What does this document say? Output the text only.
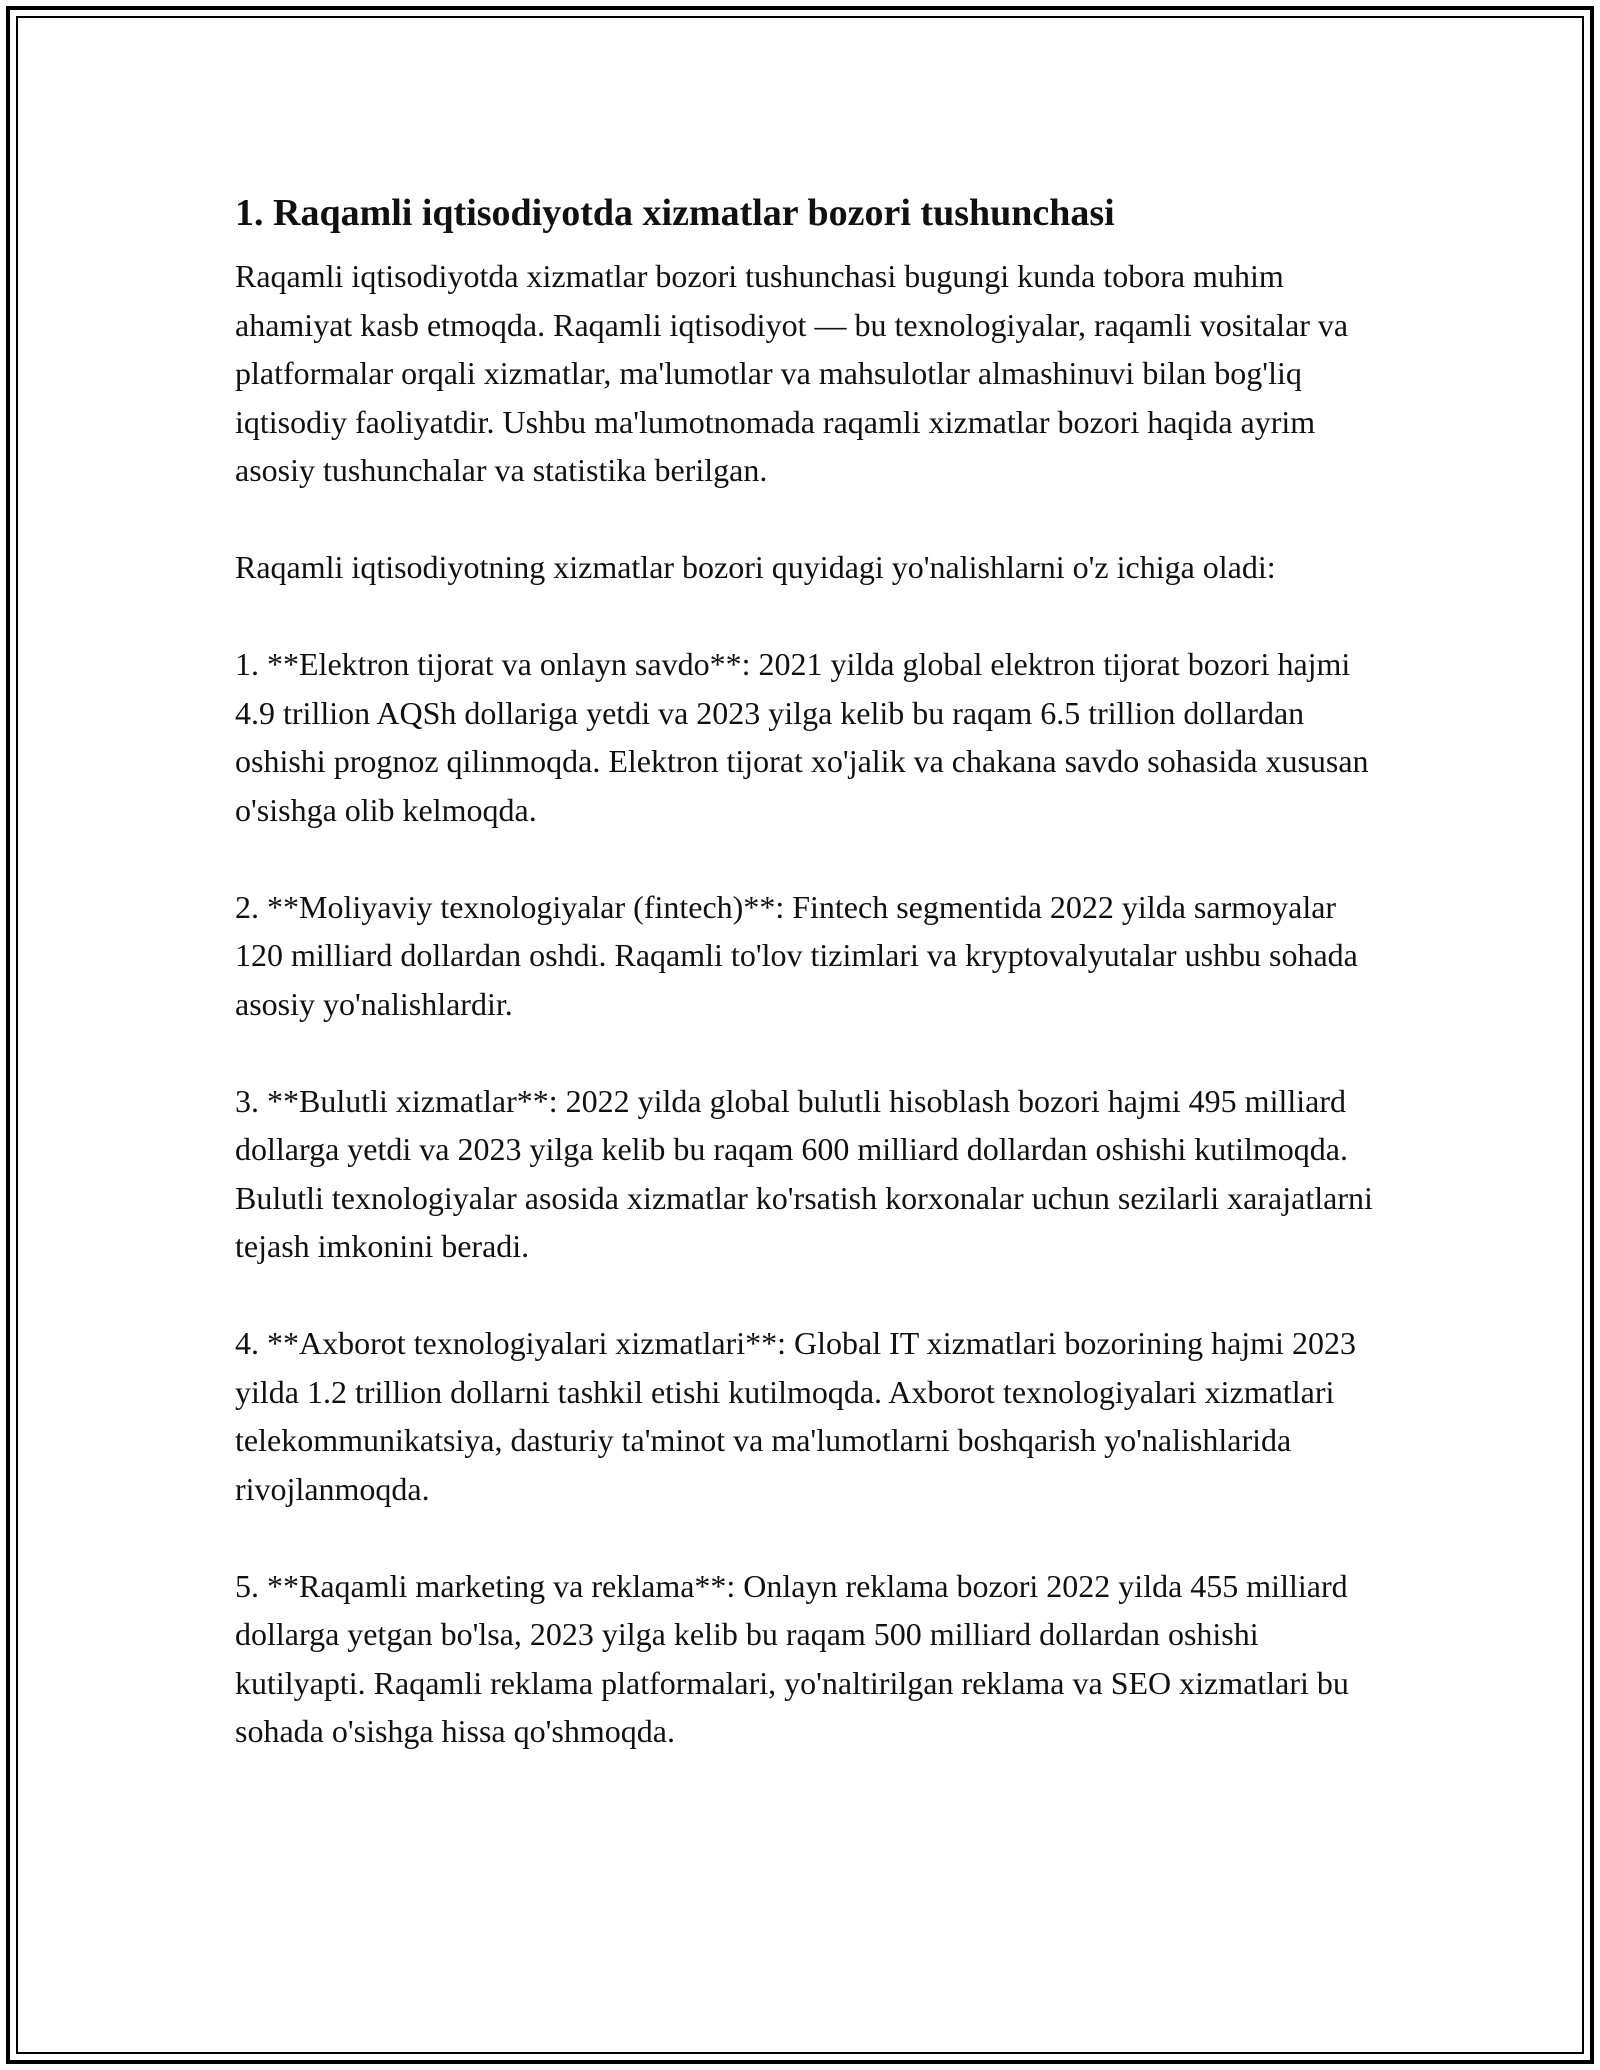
1. Raqamli iqtisodiyotda xizmatlar bozori tushunchasi

Raqamli iqtisodiyotda xizmatlar bozori tushunchasi bugungi kunda tobora muhim ahamiyat kasb etmoqda. Raqamli iqtisodiyot — bu texnologiyalar, raqamli vositalar va platformalar orqali xizmatlar, ma'lumotlar va mahsulotlar almashinuvi bilan bog'liq iqtisodiy faoliyatdir. Ushbu ma'lumotnomada raqamli xizmatlar bozori haqida ayrim asosiy tushunchalar va statistika berilgan.

Raqamli iqtisodiyotning xizmatlar bozori quyidagi yo'nalishlarni o'z ichiga oladi:

1. **Elektron tijorat va onlayn savdo**: 2021 yilda global elektron tijorat bozori hajmi 4.9 trillion AQSh dollariga yetdi va 2023 yilga kelib bu raqam 6.5 trillion dollardan oshishi prognoz qilinmoqda. Elektron tijorat xo'jalik va chakana savdo sohasida xususan o'sishga olib kelmoqda.

2. **Moliyaviy texnologiyalar (fintech)**: Fintech segmentida 2022 yilda sarmoyalar 120 milliard dollardan oshdi. Raqamli to'lov tizimlari va kryptovalyutalar ushbu sohada asosiy yo'nalishlardir.

3. **Bulutli xizmatlar**: 2022 yilda global bulutli hisoblash bozori hajmi 495 milliard dollarga yetdi va 2023 yilga kelib bu raqam 600 milliard dollardan oshishi kutilmoqda. Bulutli texnologiyalar asosida xizmatlar ko'rsatish korxonalar uchun sezilarli xarajatlarni tejash imkonini beradi.

4. **Axborot texnologiyalari xizmatlari**: Global IT xizmatlari bozorining hajmi 2023 yilda 1.2 trillion dollarni tashkil etishi kutilmoqda. Axborot texnologiyalari xizmatlari telekommunikatsiya, dasturiy ta'minot va ma'lumotlarni boshqarish yo'nalishlarida rivojlanmoqda.

5. **Raqamli marketing va reklama**: Onlayn reklama bozori 2022 yilda 455 milliard dollarga yetgan bo'lsa, 2023 yilga kelib bu raqam 500 milliard dollardan oshishi kutilyapti. Raqamli reklama platformalari, yo'naltirilgan reklama va SEO xizmatlari bu sohada o'sishga hissa qo'shmoqda.
